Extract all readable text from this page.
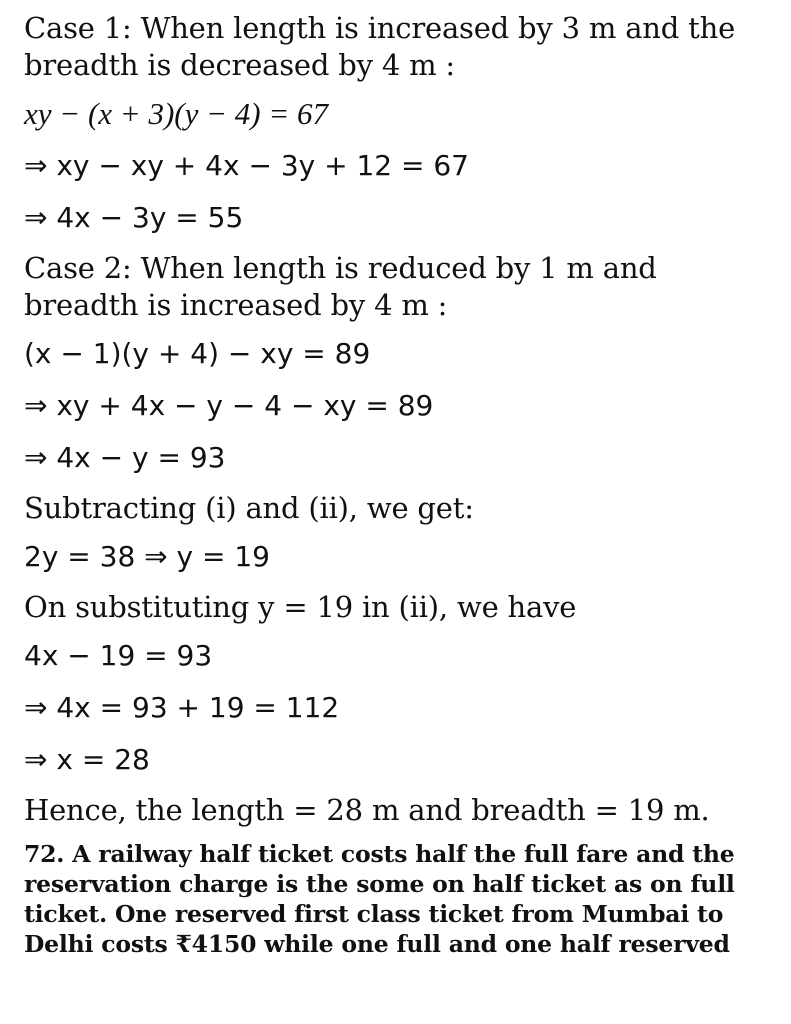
Case 1: When length is increased by 3 m and the breadth is decreased by 4 m :

xy − (x + 3)(y − 4) = 67
⇒ xy − xy + 4x − 3y + 12 = 67
⇒ 4x − 3y = 55

Case 2: When length is reduced by 1 m and breadth is increased by 4 m :

(x − 1)(y + 4) − xy = 89
⇒ xy + 4x − y − 4 − xy = 89
⇒ 4x − y = 93

Subtracting (i) and (ii), we get:

2y = 38 ⇒ y = 19

On substituting y = 19 in (ii), we have

4x − 19 = 93
⇒ 4x = 93 + 19 = 112
⇒ x = 28

Hence, the length = 28 m and breadth = 19 m.

72. A railway half ticket costs half the full fare and the reservation charge is the some on half ticket as on full ticket. One reserved first class ticket from Mumbai to Delhi costs ₹4150 while one full and one half reserved
